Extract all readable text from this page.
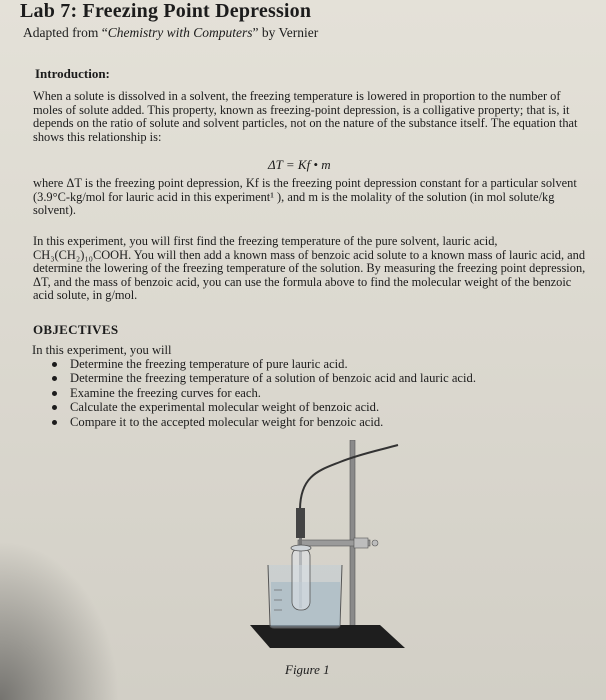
Lab 7: Freezing Point Depression
Adapted from “Chemistry with Computers” by Vernier
Introduction:
When a solute is dissolved in a solvent, the freezing temperature is lowered in proportion to the number of moles of solute added. This property, known as freezing-point depression, is a colligative property; that is, it depends on the ratio of solute and solvent particles, not on the nature of the substance itself. The equation that shows this relationship is:
ΔT = Kf • m
where ΔT is the freezing point depression, Kf is the freezing point depression constant for a particular solvent (3.9°C-kg/mol for lauric acid in this experiment¹ ), and m is the molality of the solution (in mol solute/kg solvent).
In this experiment, you will first find the freezing temperature of the pure solvent, lauric acid, CH₃(CH₂)₁₀COOH. You will then add a known mass of benzoic acid solute to a known mass of lauric acid, and determine the lowering of the freezing temperature of the solution. By measuring the freezing point depression, ΔT, and the mass of benzoic acid, you can use the formula above to find the molecular weight of the benzoic acid solute, in g/mol.
OBJECTIVES
In this experiment, you will
Determine the freezing temperature of pure lauric acid.
Determine the freezing temperature of a solution of benzoic acid and lauric acid.
Examine the freezing curves for each.
Calculate the experimental molecular weight of benzoic acid.
Compare it to the accepted molecular weight for benzoic acid.
Figure 1
